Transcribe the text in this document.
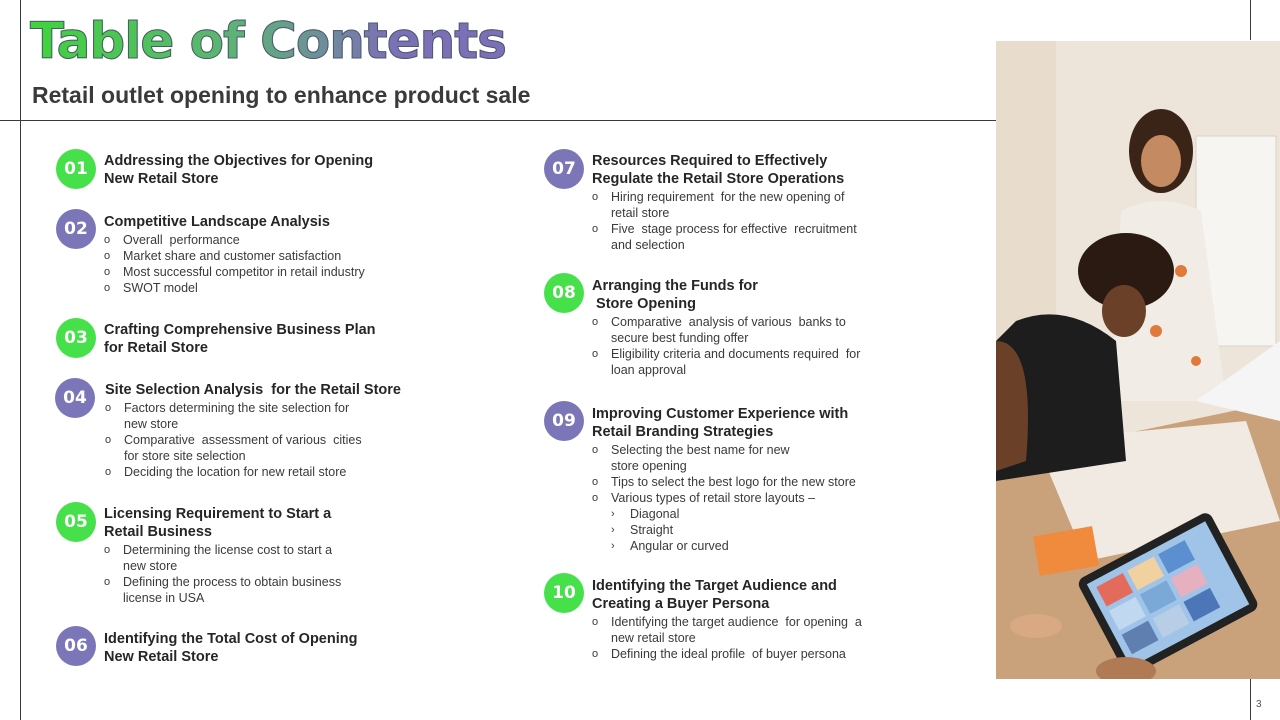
Table of Contents
Retail outlet opening to enhance product sale
3
01	Addressing the Objectives for Opening
New Retail Store
02	Competitive Landscape Analysis
o Overall  performance
o Market share and customer satisfaction
o Most successful competitor in retail industry
o SWOT model
03	Crafting Comprehensive Business Plan
for Retail Store
04	Site Selection Analysis  for the Retail Store
o Factors determining the site selection for
new store
o Comparative  assessment of various  cities
for store site selection
o Deciding the location for new retail store
05	Licensing Requirement to Start a
Retail Business
o Determining the license cost to start a
new store
o Defining the process to obtain business
license in USA
06	Identifying the Total Cost of Opening
New Retail Store
07	Resources Required to Effectively
Regulate the Retail Store Operations
o Hiring requirement  for the new opening of
retail store
o Five  stage process for effective  recruitment
and selection
08	Arranging the Funds for
Store Opening
o Comparative  analysis of various  banks to
secure best funding offer
o Eligibility criteria and documents required  for
loan approval
09	Improving Customer Experience with
Retail Branding Strategies
o Selecting the best name for new
store opening
o Tips to select the best logo for the new store
o Various types of retail store layouts –
› Diagonal
› Straight
› Angular or curved
10	Identifying the Target Audience and
Creating a Buyer Persona
o Identifying the target audience  for opening  a
new retail store
o Defining the ideal profile  of buyer persona
